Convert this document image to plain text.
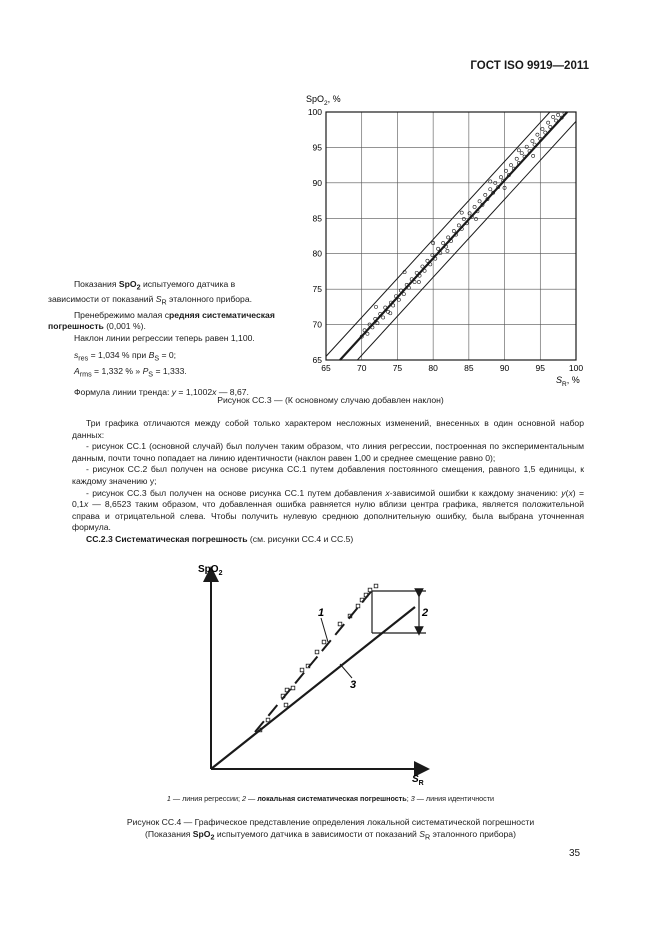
ГОСТ ISO 9919—2011

Показания SpO$_2$ испытуемого датчика в зависимости от показаний $S_R$ эталонного прибора.

Пренебрежимо малая средняя систематическая погрешность (0,001 %).

Наклон линии регрессии теперь равен 1,100.

$s_{res} = 1,034$ % при $B_S = 0$;

$A_{rms} = 1,332$ % » $P_S = 1,333$.

Формула линии тренда: y = 1,1002x — 8,67.

65	70	75	80	85	90	95	100
65
70
75
80
85
90
95
100
SpO$_2$, %
$S_R$, %
Рисунок СС.3 — (К основному случаю добавлен наклон)

Три графика отличаются между собой только характером несложных изменений, внесенных в один основной набор данных:

- рисунок СС.1 (основной случай) был получен таким образом, что линия регрессии, построенная по экспериментальным данным, почти точно попадает на линию идентичности (наклон равен 1,00 и среднее смещение равно 0);

- рисунок СС.2 был получен на основе рисунка СС.1 путем добавления постоянного смещения, равного 1,5 единицы, к каждому значению y;

- рисунок СС.3 был получен на основе рисунка СС.1 путем добавления x-зависимой ошибки к каждому значению: y(x) = 0,1x — 8,6523 таким образом, что добавленная ошибка равняется нулю вблизи центра графика, является положительной справа и отрицательной слева. Чтобы получить нулевую среднюю дополнительную ошибку, была выбрана уточненная формула.

СС.2.3 Систематическая погрешность (см. рисунки СС.4 и СС.5)

SpO$_2$
$S_R$
2
1
3
1 — линия регрессии; 2 — локальная систематическая погрешность; 3 — линия идентичности
Рисунок СС.4 — Графическое представление определения локальной систематической погрешности
(Показания SpO$_2$ испытуемого датчика в зависимости от показаний $S_R$ эталонного прибора)
35
